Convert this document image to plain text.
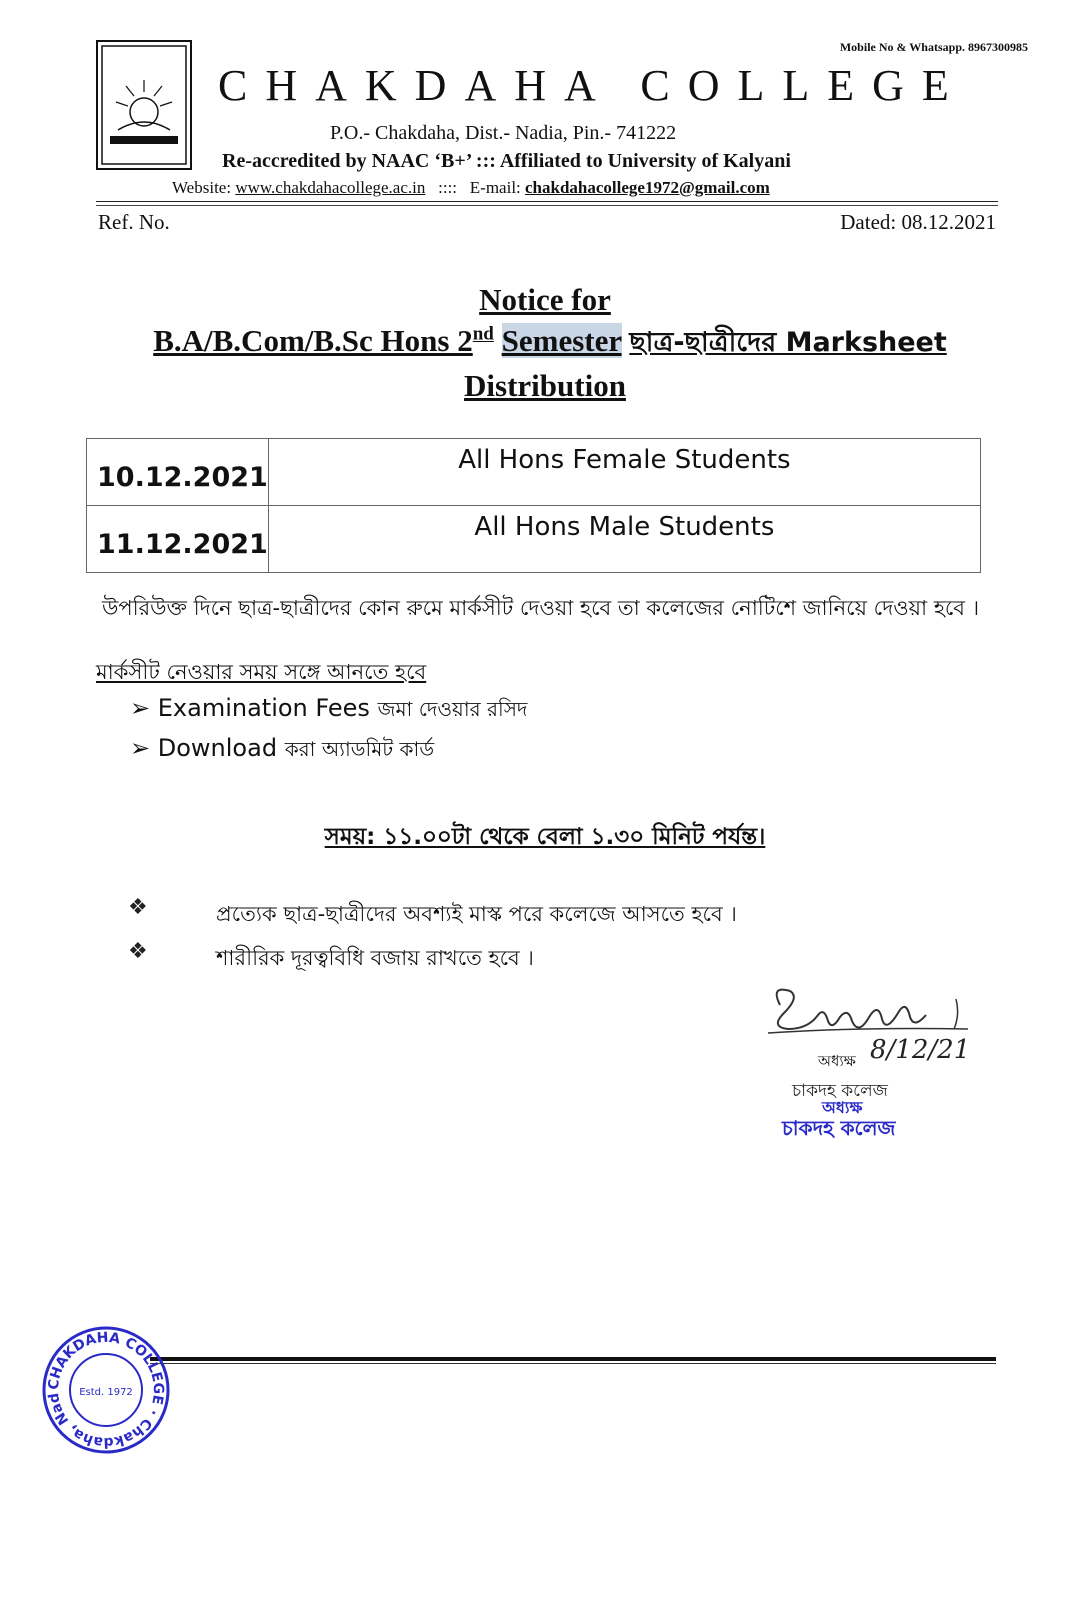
Mobile No & Whatsapp. 8967300985
CHAKDAHA COLLEGE
P.O.- Chakdaha, Dist.- Nadia, Pin.- 741222
Re-accredited by NAAC ‘B+’ ::: Affiliated to University of Kalyani
Website: www.chakdahacollege.ac.in :::: E-mail: chakdahacollege1972@gmail.com
Ref. No.	Dated: 08.12.2021
Notice for
B.A/B.Com/B.Sc Hons 2nd Semester ছাত্র-ছাত্রীদের Marksheet
Distribution
10.12.2021	All Hons Female Students
11.12.2021	All Hons Male Students
উপরিউক্ত দিনে ছাত্র-ছাত্রীদের কোন রুমে মার্কসীট দেওয়া হবে তা কলেজের নোটিশে জানিয়ে দেওয়া হবে ।
মার্কসীট নেওয়ার সময় সঙ্গে আনতে হবে
➢ Examination Fees জমা দেওয়ার রসিদ
➢ Download করা অ্যাডমিট কার্ড
সময়: ১১.০০টা থেকে বেলা ১.৩০ মিনিট পর্যন্ত।
❖	প্রত্যেক ছাত্র-ছাত্রীদের অবশ্যই মাস্ক পরে কলেজে আসতে হবে ।
❖	শারীরিক দূরত্ববিধি বজায় রাখতে হবে ।
অধ্যক্ষ 8/12/21
চাকদহ কলেজ
অধ্যক্ষ
চাকদহ কলেজ
CHAKDAHA COLLEGE · Chakdaha, Nad	Estd. 1972
